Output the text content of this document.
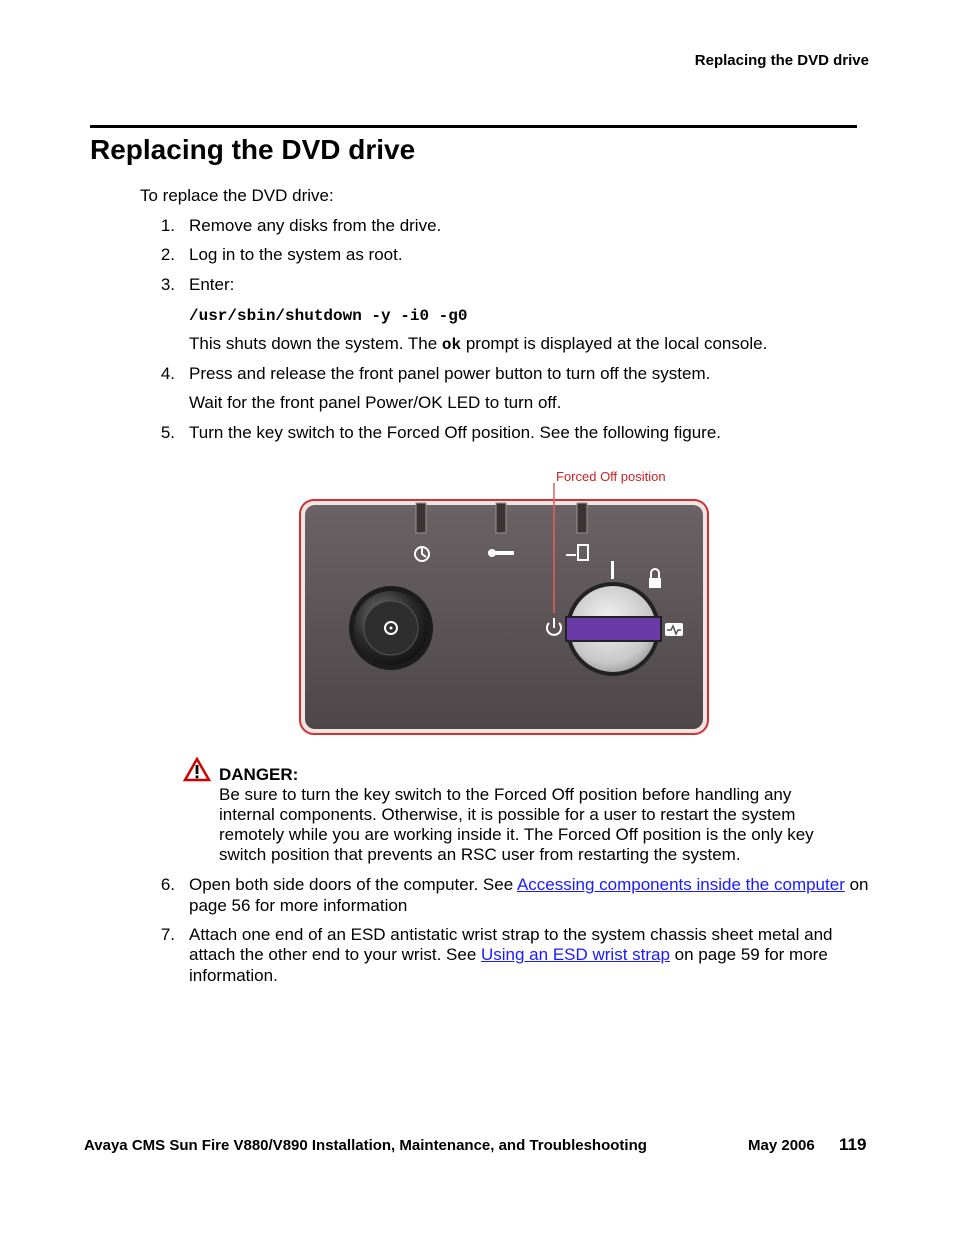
Replacing the DVD drive
Replacing the DVD drive
To replace the DVD drive:
1. Remove any disks from the drive.
2. Log in to the system as root.
3. Enter:
/usr/sbin/shutdown -y -i0 -g0
This shuts down the system. The ok prompt is displayed at the local console.
4. Press and release the front panel power button to turn off the system.
Wait for the front panel Power/OK LED to turn off.
5. Turn the key switch to the Forced Off position. See the following figure.
Forced Off position
DANGER:
Be sure to turn the key switch to the Forced Off position before handling any
internal components. Otherwise, it is possible for a user to restart the system
remotely while you are working inside it. The Forced Off position is the only key
switch position that prevents an RSC user from restarting the system.
6. Open both side doors of the computer. See Accessing components inside the computer on
page 56 for more information
7. Attach one end of an ESD antistatic wrist strap to the system chassis sheet metal and
attach the other end to your wrist. See Using an ESD wrist strap on page 59 for more
information.
Avaya CMS Sun Fire V880/V890 Installation, Maintenance, and Troubleshooting	May 2006 119
